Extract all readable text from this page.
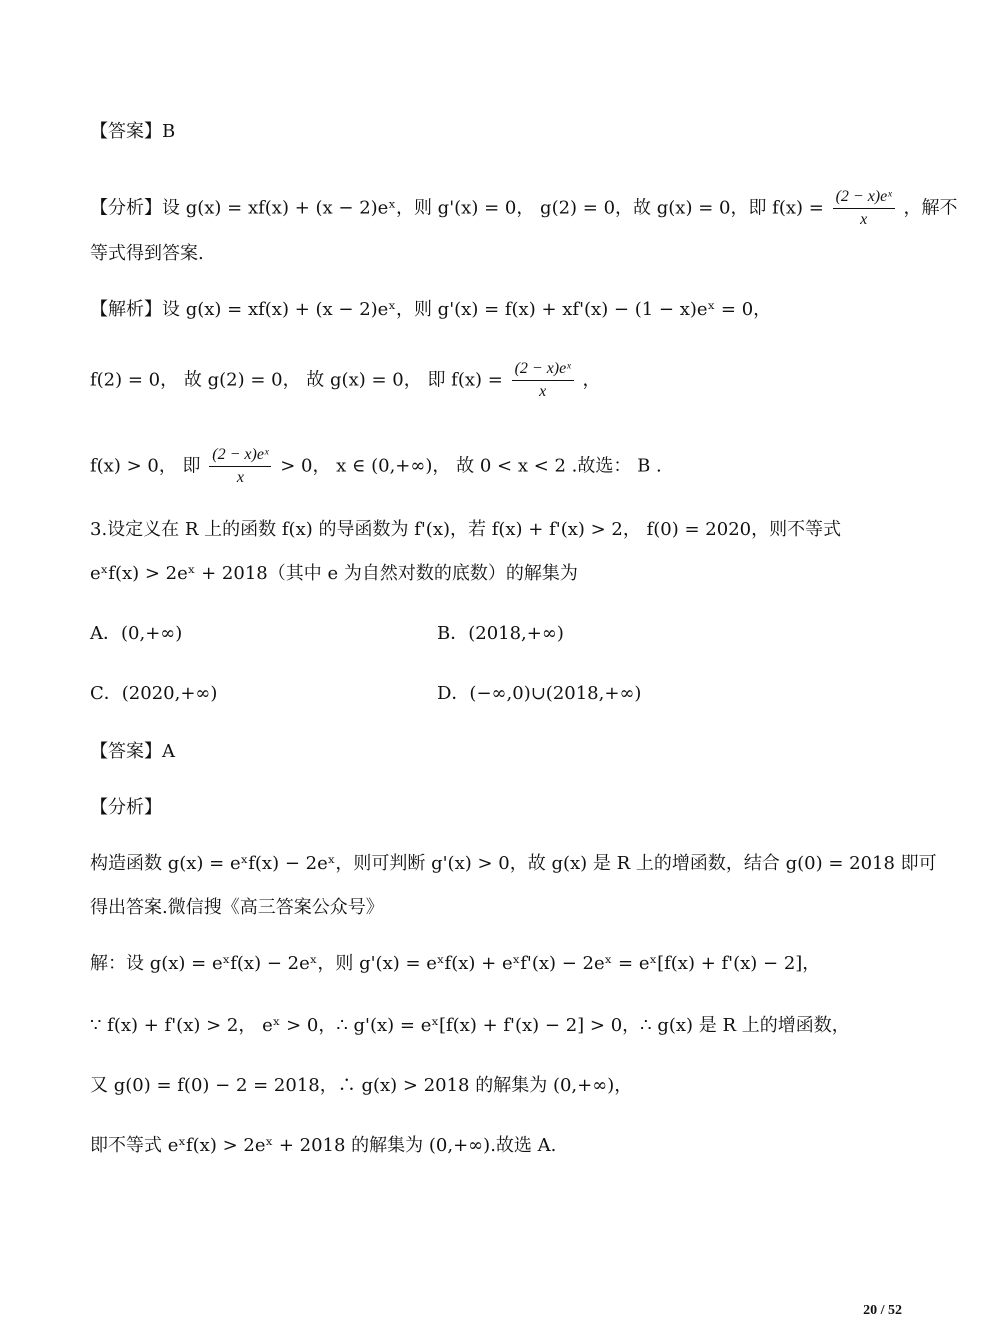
【答案】B
【分析】设 g(x) = xf(x) + (x − 2)eˣ，则 g'(x) = 0， g(2) = 0，故 g(x) = 0，即 $f(x) = \frac{\text{(2 − x)eˣ}}{x}$ ，解不
等式得到答案.
【解析】设 g(x) = xf(x) + (x − 2)eˣ，则 g'(x) = f(x) + xf'(x) − (1 − x)eˣ = 0，
f(2) = 0， 故 g(2) = 0， 故 g(x) = 0， 即 $f(x) = \frac{\text{(2 − x)eˣ}}{x}$ ，
f(x) > 0， 即 $\frac{\text{(2 − x)eˣ}}{x} > 0$， x ∈ (0,+∞)， 故 0 < x < 2 .故选： B .
3.设定义在 R 上的函数 f(x) 的导函数为 f'(x)，若 f(x) + f'(x) > 2， f(0) = 2020，则不等式
eˣf(x) > 2eˣ + 2018（其中 e 为自然对数的底数）的解集为
A．(0,+∞)	B．(2018,+∞)
C．(2020,+∞)	D．(−∞,0)∪(2018,+∞)
【答案】A
【分析】
构造函数 g(x) = eˣf(x) − 2eˣ，则可判断 g'(x) > 0，故 g(x) 是 R 上的增函数，结合 g(0) = 2018 即可
得出答案.微信搜《高三答案公众号》
解：设 g(x) = eˣf(x) − 2eˣ，则 g'(x) = eˣf(x) + eˣf'(x) − 2eˣ = eˣ[f(x) + f'(x) − 2]，
∵ f(x) + f'(x) > 2， eˣ > 0，∴ g'(x) = eˣ[f(x) + f'(x) − 2] > 0，∴ g(x) 是 R 上的增函数，
又 g(0) = f(0) − 2 = 2018，∴ g(x) > 2018 的解集为 (0,+∞)，
即不等式 eˣf(x) > 2eˣ + 2018 的解集为 (0,+∞).故选 A.
20 / 52
